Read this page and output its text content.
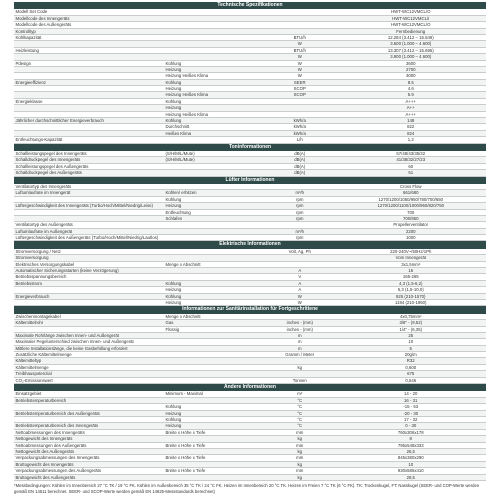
Technische Spezifikationen
Modell Set Code	HWT-WC12VMCL/O
Modellcode des Innengeräts	HWT-WC12VMCL/I
Modellcode des Außengeräts	HWT-WC12VMCL/O
Kontrolltyp	Fernbedienung
Kühlkapazität	BTU/h	12.284 (3.412 – 15.649)
W	3.600 (1.000 – 4.600)
Heizleistung	BTU/h	13.307 (3.412 – 15.695)
W	3.900 (1.000 – 4.600)
Pdesign	Kühlung	W	3600
Heizung	W	2700
Heizung Heißes Klima	W	3000
Energieeffizienz	Kühlung	SEER	8.5
Heizung	SCOP	4.6
Heizung Heißes Klima	SCOP	5.9
Energieklasse	Kühlung	A+++
Heizung	A++
Heizung Heißes Klima	A+++
Jährlicher durchschnittlicher Energieverbrauch	Kühlung	kWh/a	148
Durchschnitt	kWh/a	822
Heißes Klima	kWh/a	824
Entfeuchtungs-Kapazität	L/h	1,2
Toninformationen
Schallleistungspegel des Innengeräts	(S/H/M/L/Mute)	dB(A)	57/48/43/35/32
Schalldruckpegel des Innengeräts	(S/H/M/L/Mute)	dB(A)	41/38/32/27/23
Schallleistungspegel des Außengeräts	dB(A)	60
Schalldruckpegel des Außengeräts	dB(A)	51
Lüfter Informationen
Ventilatortyp des Innengeräts	Cross Flow
Luftumlaufrate im Innengerät	Kühlen/ erhitzen	m³/h	661/680
Kühlung	rpm	1270/1200/1050/950/780/700/650
Lüftergeschwindigkeit des Innengeräts (Turbo/Hoch/Mittel/Niedrig/Leise)	Heizung	rpm	1270/1200/1100/1000/950/820/750
Entfeuchtung	rpm	700
Schlafen	rpm	700/850
Ventilatortyp des Außengeräts	Propellerventilator
Luftumlaufrate im Außengerät	m³/h	2200
Lüftergeschwindigkeit des Außengeräts (Turbo/Hoch/Mittel/Niedrig/Lautlos)	rpm	1000
Elektrische Informationen
Stromversorgung / Netz	Volt, Ag, Ph	220-240V~/50Hz/1Ph
Stromversorgung	Vom Innengerät
Elektrisches Versorgungskabel	Menge x Abschnitt	3x1,5mm²
Automatischer Sicherungsstarten (keine Verzögerung)	A	16
Betriebsspannungsbereich	V	165-265
Betriebsstrom	Kühlung	A	4,3 (1,5-6,2)
Heizung	A	5,3 (1,5-10,0)
Energieverbrauch	Kühlung	W	925 (210-1570)
Heizung	W	1194 (210-1950)
Informationen zur Sanitärinstallation für Fortgeschrittene
Zwischenmontagekabel	Menge x Abschnitt	4x0,75mm²
Kältemittelrohr	Gas	inches - (mm)	3/8" - (9,52)
Flüssig	inches - (mm)	1/4" - (6,35)
Maximale Rohrlänge zwischen Innen- und Außengerät	m	25
Maximaler Pegelunterschied zwischen Innen- und Außengerät	m	10
Mittlere Installationslänge, die keine Gasbefüllung erfordert	m	5
Zusätzliche Kältemittelmenge	Gramm / Meter	20g/m
Kältemitteltyp	R32
Kältemittelmenge	kg	0,600
Treibhauspotenzial	675
CO₂-Emissionswert	Tonnen	0,546
Andere Informationen
Einsatzgebiet	Minimum - Maximal	m²	14 - 20
Betriebstemperaturbereich	°C	16 - 31
Kühlung	°C	-15 - 53
Betriebstemperaturbereich des Außengeräts	Heizung	°C	-20 - 30
Kühlung	°C	17 - 32
Betriebstemperaturbereich des Innengeräts	Heizung	°C	0 - 30
Nettoabmessungen des Innengeräts	Breite x Höhe x Tiefe	mm	760x306x178
Nettogewicht des Innengeräts	kg	8
Nettoabmessungen des Außengeräts	Breite x Höhe x Tiefe	mm	795x548x333
Nettogewicht des Außengeräts	kg	26,5
Verpackungsabmessungen des Innengeräts	Breite x Höhe x Tiefe	mm	845x380x290
Bruttogewicht des Innengeräts	kg	10
Verpackungsabmessungen des Außengeräts	Breite x Höhe x Tiefe	mm	930x585x410
Bruttogewicht des Außengeräts	kg	29,5
*Messbedingungen: Kühlen im Innenbereich 27 °C TK / 19 °C FK. Kühlen im Außenbereich 35 °C TK / 24 °C FK. Heizen im Innenbereich 20 °C TK. Heizen im Freien 7 °C TK (6 °C FK). TK: Trockenkugel, FT: Nasskugel (SEER- und COP-Werte werden gemäß EN 14511 berechnet. SEER- und SCOP-Werte werden gemäß EN 14825-Messstandards berechnet)
